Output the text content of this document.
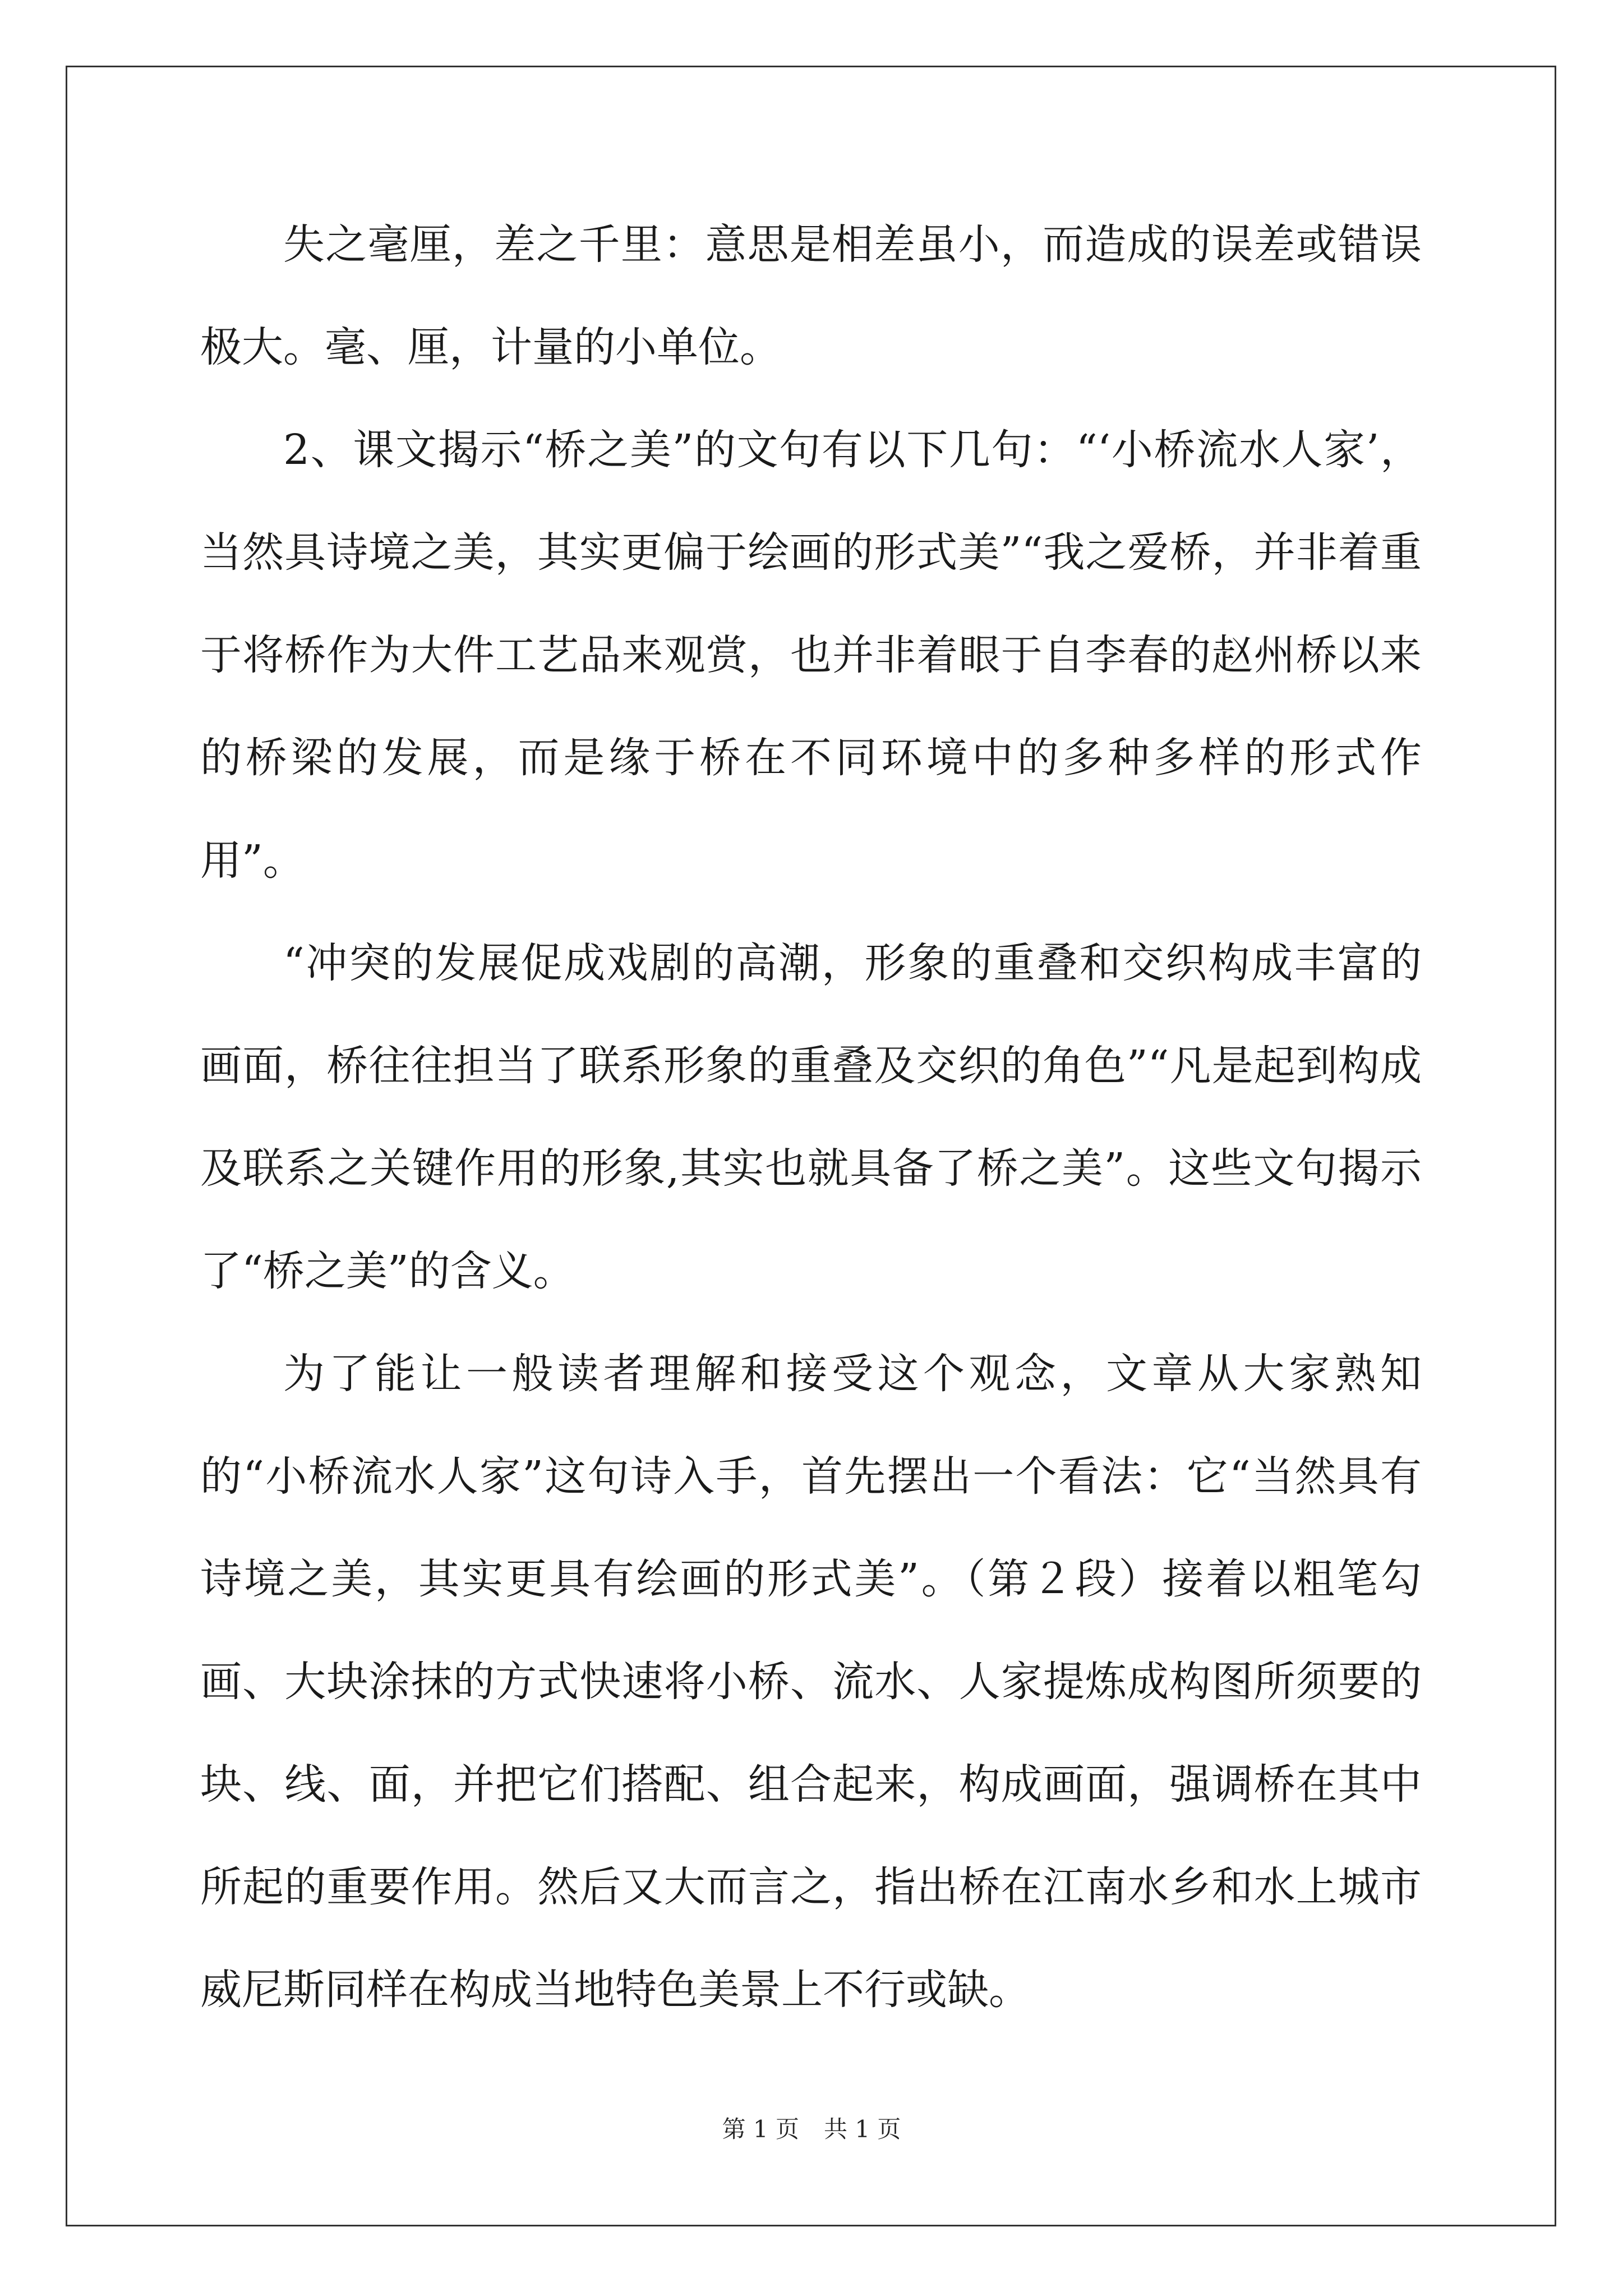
失之毫厘，差之千里：意思是相差虽小，而造成的误差或错误极大。毫、厘，计量的小单位。

2、课文揭示“桥之美”的文句有以下几句：“‘小桥流水人家’，当然具诗境之美，其实更偏于绘画的形式美”“我之爱桥，并非着重于将桥作为大件工艺品来观赏，也并非着眼于自李春的赵州桥以来的桥梁的发展，而是缘于桥在不同环境中的多种多样的形式作用”。

“冲突的发展促成戏剧的高潮，形象的重叠和交织构成丰富的画面，桥往往担当了联系形象的重叠及交织的角色”“凡是起到构成及联系之关键作用的形象,其实也就具备了桥之美”。这些文句揭示了“桥之美”的含义。

为了能让一般读者理解和接受这个观念，文章从大家熟知的“小桥流水人家”这句诗入手，首先摆出一个看法：它“当然具有诗境之美，其实更具有绘画的形式美”。（第２段）接着以粗笔勾画、大块涂抹的方式快速将小桥、流水、人家提炼成构图所须要的块、线、面，并把它们搭配、组合起来，构成画面，强调桥在其中所起的重要作用。然后又大而言之，指出桥在江南水乡和水上城市威尼斯同样在构成当地特色美景上不行或缺。

第 1 页 共 1 页
